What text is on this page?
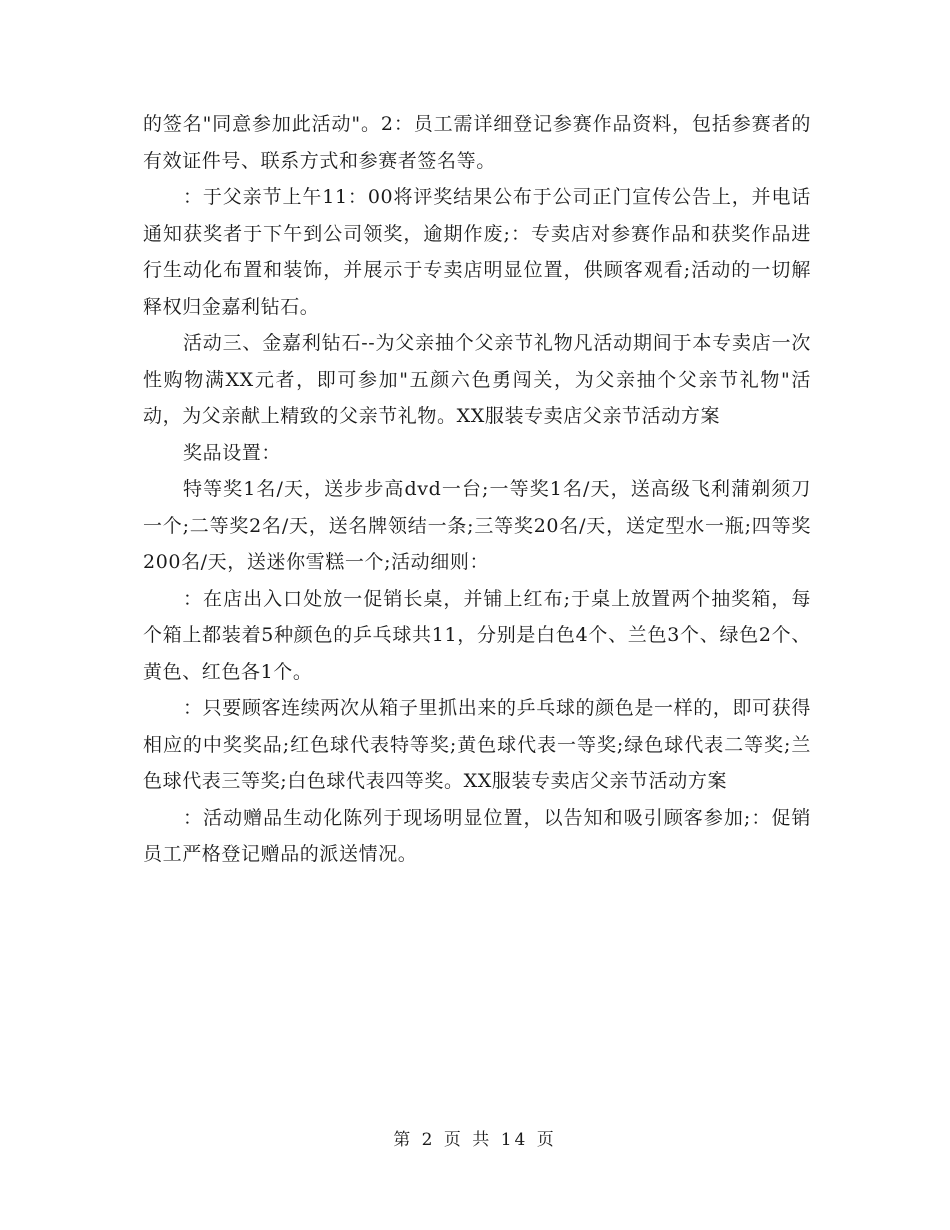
的签名"同意参加此活动"。2：员工需详细登记参赛作品资料，包括参赛者的有效证件号、联系方式和参赛者签名等。

：于父亲节上午11：00将评奖结果公布于公司正门宣传公告上，并电话通知获奖者于下午到公司领奖，逾期作废;：专卖店对参赛作品和获奖作品进行生动化布置和装饰，并展示于专卖店明显位置，供顾客观看;活动的一切解释权归金嘉利钻石。

活动三、金嘉利钻石--为父亲抽个父亲节礼物凡活动期间于本专卖店一次性购物满XX元者，即可参加"五颜六色勇闯关，为父亲抽个父亲节礼物"活动，为父亲献上精致的父亲节礼物。XX服装专卖店父亲节活动方案

奖品设置：

特等奖1名/天，送步步高dvd一台;一等奖1名/天，送高级飞利蒲剃须刀一个;二等奖2名/天，送名牌领结一条;三等奖20名/天，送定型水一瓶;四等奖200名/天，送迷你雪糕一个;活动细则：

：在店出入口处放一促销长桌，并铺上红布;于桌上放置两个抽奖箱，每个箱上都装着5种颜色的乒乓球共11，分别是白色4个、兰色3个、绿色2个、黄色、红色各1个。

：只要顾客连续两次从箱子里抓出来的乒乓球的颜色是一样的，即可获得相应的中奖奖品;红色球代表特等奖;黄色球代表一等奖;绿色球代表二等奖;兰色球代表三等奖;白色球代表四等奖。XX服装专卖店父亲节活动方案

：活动赠品生动化陈列于现场明显位置，以告知和吸引顾客参加;：促销员工严格登记赠品的派送情况。

第 2 页 共 14 页
